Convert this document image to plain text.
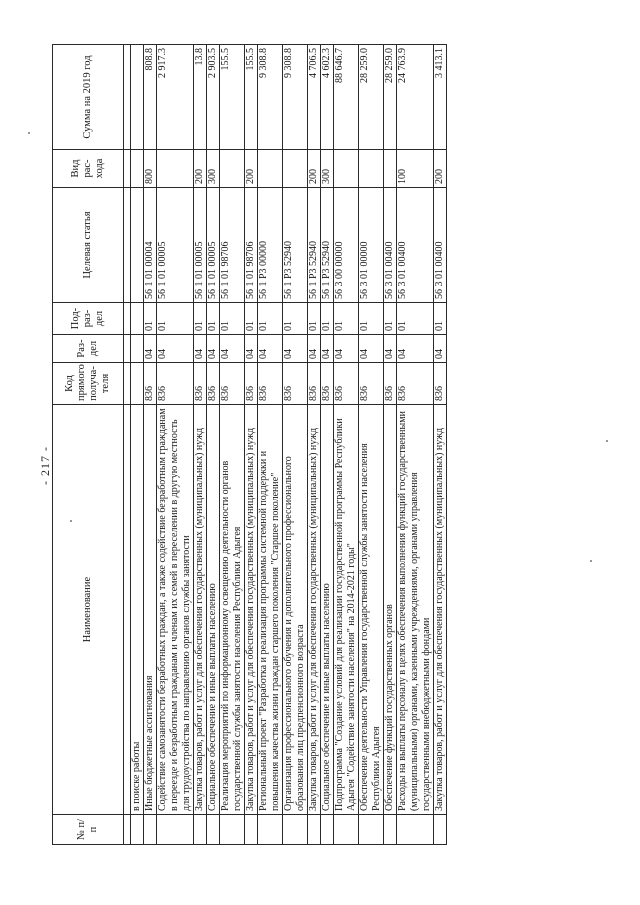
- 217 -
№ п/п	Наименование	Код прямого получа- теля	Раз- дел	Под- раз- дел	Целевая статья	Вид рас- хода	Сумма на 2019 год

	в поиске работы						
	Иные бюджетные ассигнования	836	04	01	56 1 01 00004	800	808.8
	Содействие самозанятости безработных граждан, а также содействие безработным гражданам в переезде и безработным гражданам и членам их семей в переселении в другую местность для трудоустройства по направлению органов службы занятости	836	04	01	56 1 01 00005		2 917.3
	Закупка товаров, работ и услуг для обеспечения государственных (муниципальных) нужд	836	04	01	56 1 01 00005	200	13.8
	Социальное обеспечение и иные выплаты населению	836	04	01	56 1 01 00005	300	2 903.5
	Реализация мероприятий по информационному освещению деятельности органов государственной службы занятости населения Республики Адыгея	836	04	01	56 1 01 98706		155.5
	Закупка товаров, работ и услуг для обеспечения государственных (муниципальных) нужд	836	04	01	56 1 01 98706	200	155.5
	Региональный проект "Разработка и реализация программы системной поддержки и повышения качества жизни граждан старшего поколения "Старшее поколение"	836	04	01	56 1 P3 00000		9 308.8
	Организация профессионального обучения и дополнительного профессионального образования лиц предпенсионного возраста	836	04	01	56 1 P3 52940		9 308.8
	Закупка товаров, работ и услуг для обеспечения государственных (муниципальных) нужд	836	04	01	56 1 P3 52940	200	4 706.5
	Социальное обеспечение и иные выплаты населению	836	04	01	56 1 P3 52940	300	4 602.3
	Подпрограмма "Создание условий для реализации государственной программы Республики Адыгея "Содействие занятости населения" на 2014-2021 годы"	836	04	01	56 3 00 00000		88 646.7
	Обеспечение деятельности Управления государственной службы занятости населения Республики Адыгея	836	04	01	56 3 01 00000		28 259.0
	Обеспечение функций государственных органов	836	04	01	56 3 01 00400		28 259.0
	Расходы на выплаты персоналу в целях обеспечения выполнения функций государственными (муниципальными) органами, казенными учреждениями, органами управления государственными внебюджетными фондами	836	04	01	56 3 01 00400	100	24 763.9
	Закупка товаров, работ и услуг для обеспечения государственных (муниципальных) нужд	836	04	01	56 3 01 00400	200	3 413.1
